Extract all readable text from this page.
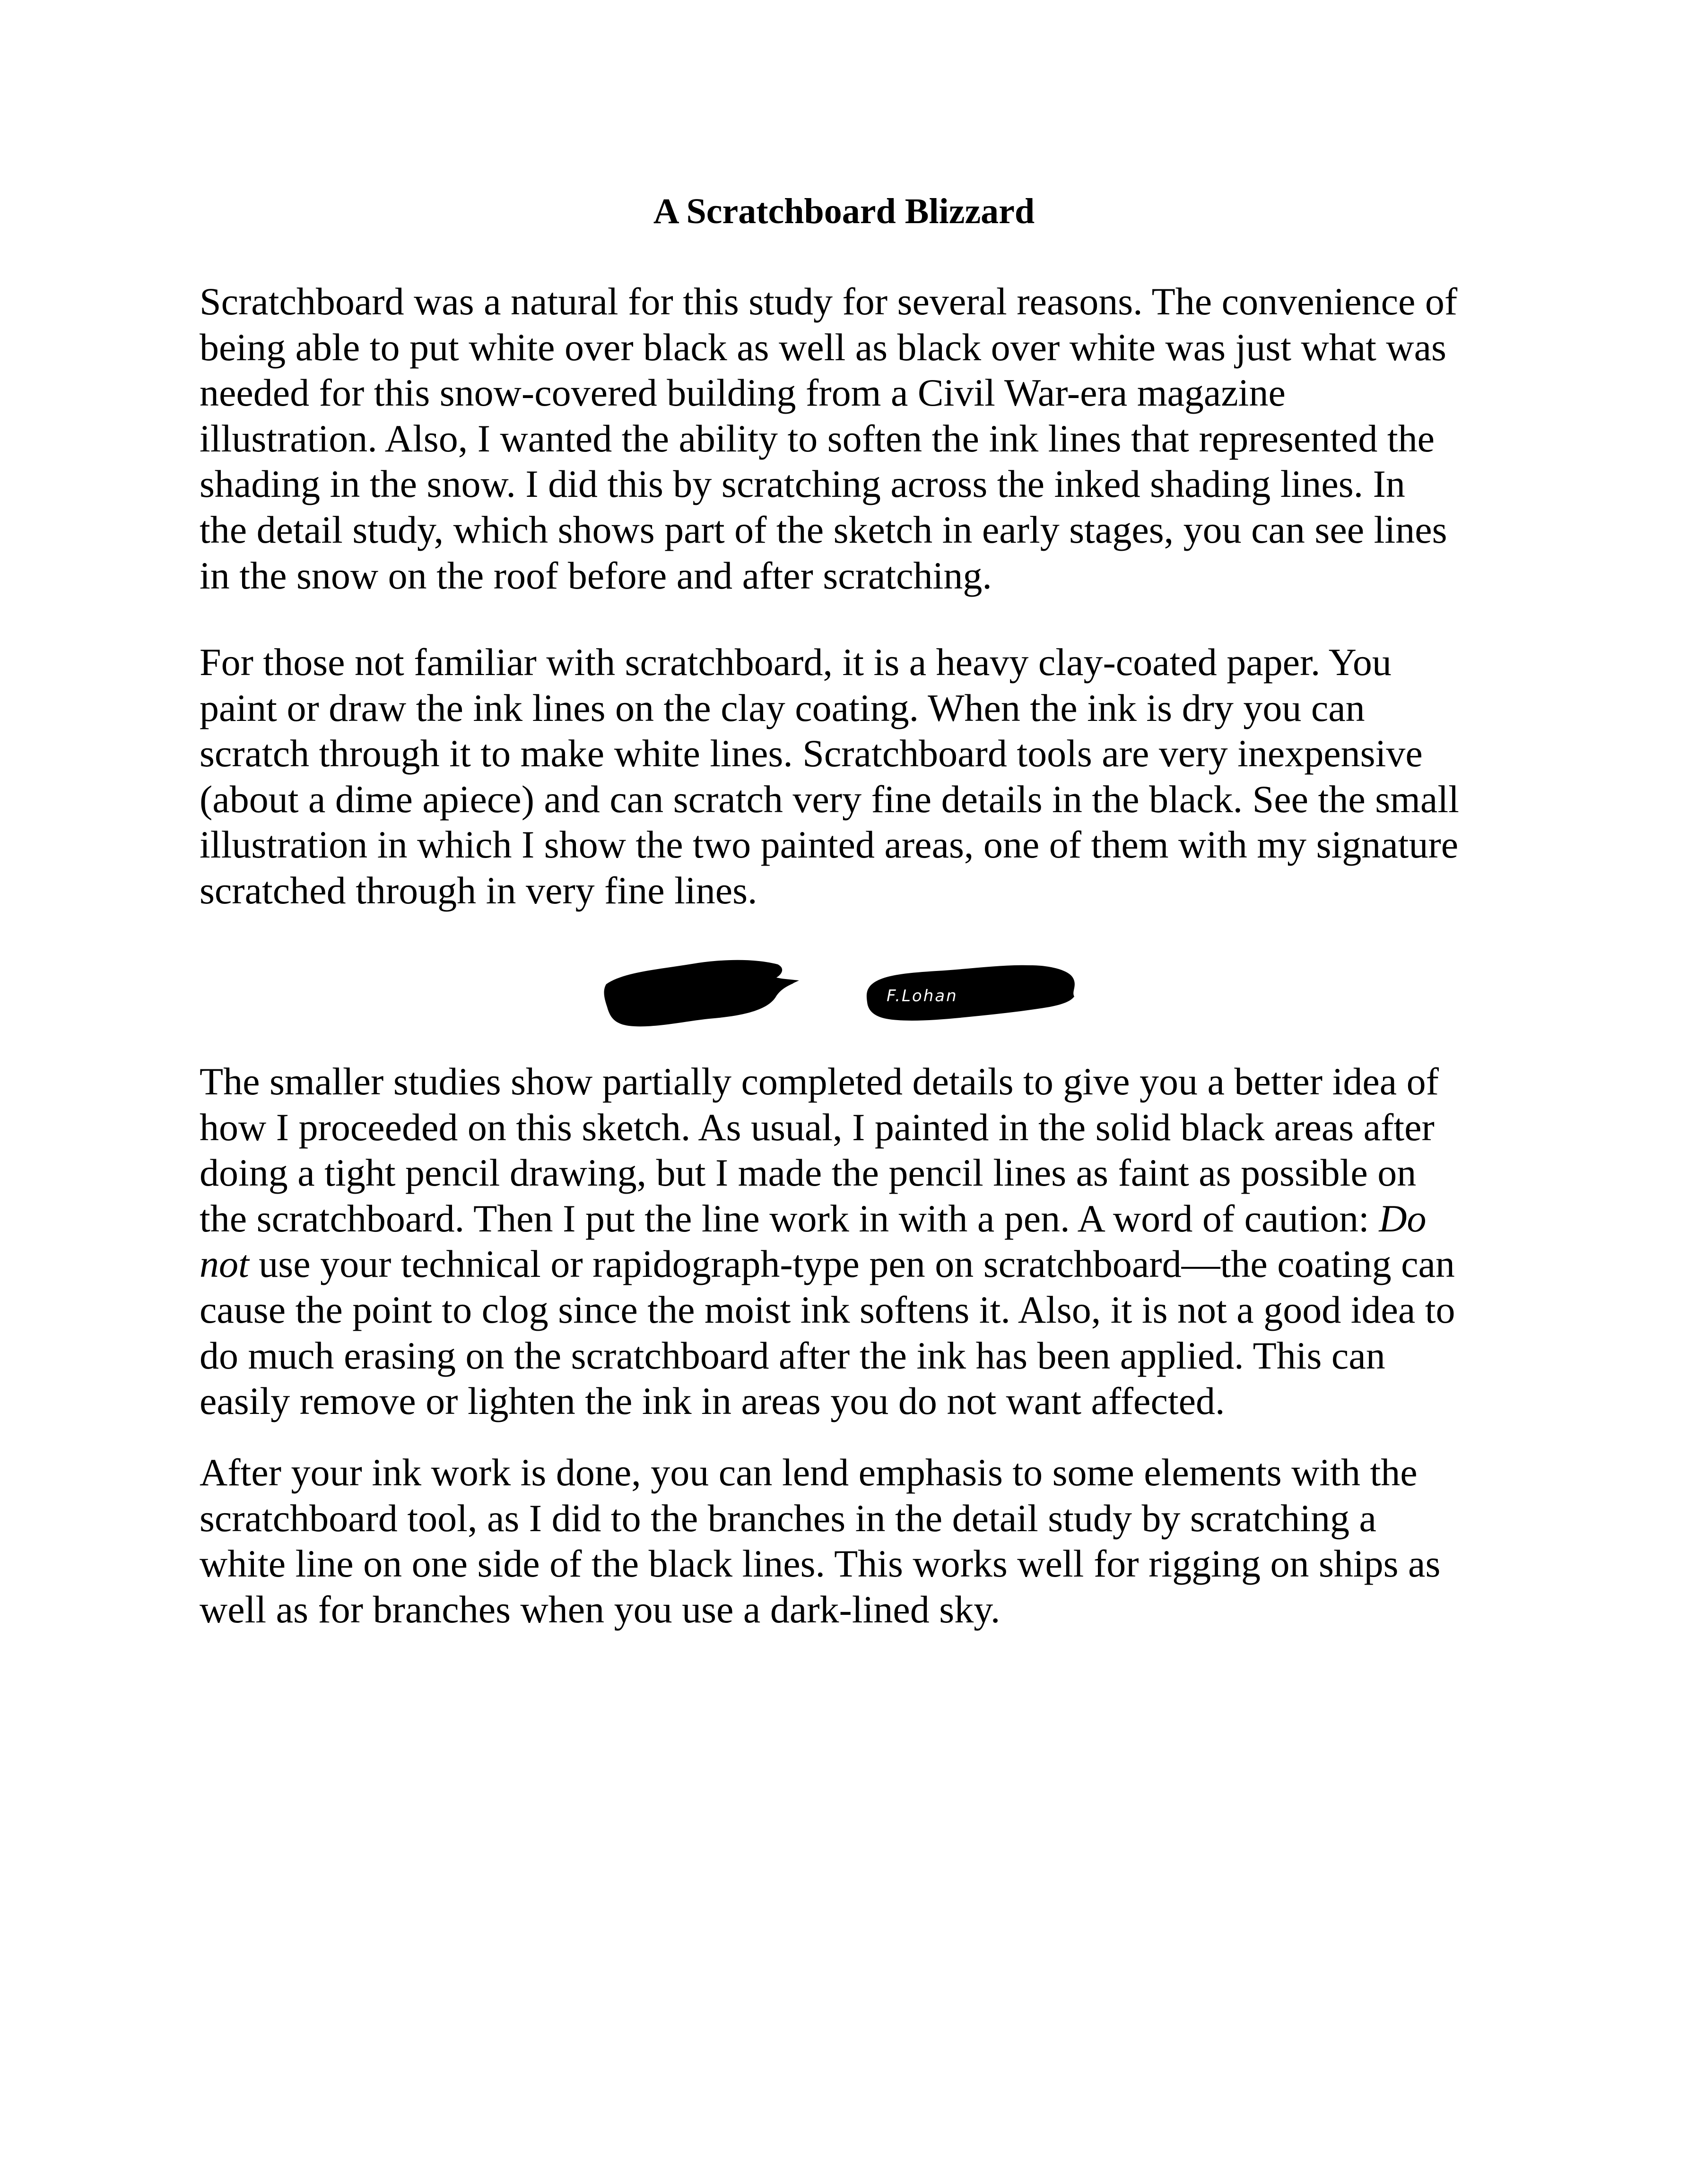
A Scratchboard Blizzard

Scratchboard was a natural for this study for several reasons. The convenience of
being able to put white over black as well as black over white was just what was
needed for this snow-covered building from a Civil War-era magazine
illustration. Also, I wanted the ability to soften the ink lines that represented the
shading in the snow. I did this by scratching across the inked shading lines. In
the detail study, which shows part of the sketch in early stages, you can see lines
in the snow on the roof before and after scratching.

For those not familiar with scratchboard, it is a heavy clay-coated paper. You
paint or draw the ink lines on the clay coating. When the ink is dry you can
scratch through it to make white lines. Scratchboard tools are very inexpensive
(about a dime apiece) and can scratch very fine details in the black. See the small
illustration in which I show the two painted areas, one of them with my signature
scratched through in very fine lines.

F.Lohan

The smaller studies show partially completed details to give you a better idea of
how I proceeded on this sketch. As usual, I painted in the solid black areas after
doing a tight pencil drawing, but I made the pencil lines as faint as possible on
the scratchboard. Then I put the line work in with a pen. A word of caution: Do
not use your technical or rapidograph-type pen on scratchboard—the coating can
cause the point to clog since the moist ink softens it. Also, it is not a good idea to
do much erasing on the scratchboard after the ink has been applied. This can
easily remove or lighten the ink in areas you do not want affected.

After your ink work is done, you can lend emphasis to some elements with the
scratchboard tool, as I did to the branches in the detail study by scratching a
white line on one side of the black lines. This works well for rigging on ships as
well as for branches when you use a dark-lined sky.
